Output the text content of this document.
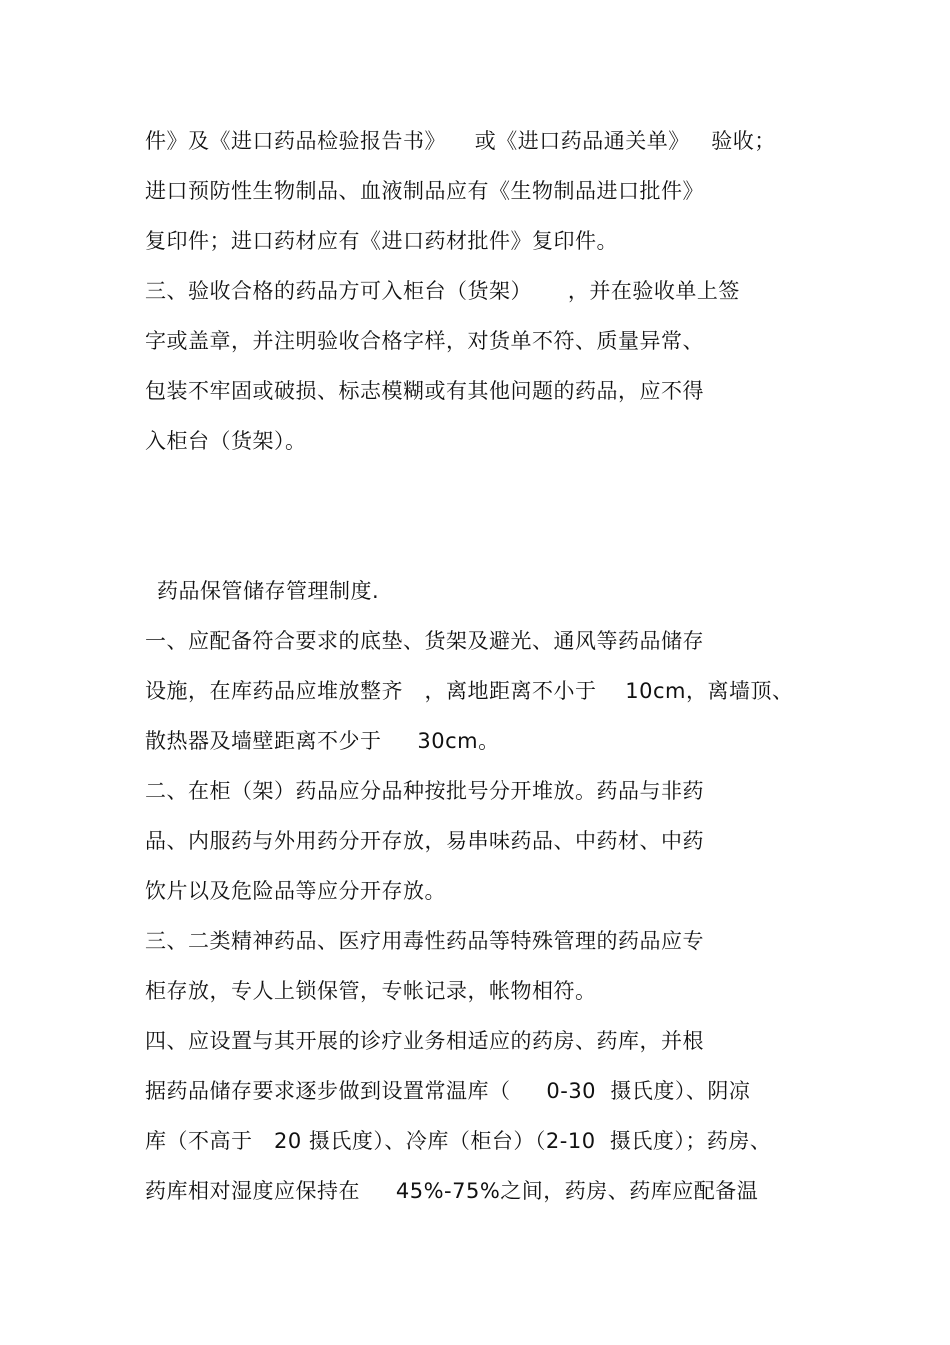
件》及《进口药品检验报告书》    或《进口药品通关单》   验收；
进口预防性生物制品、血液制品应有《生物制品进口批件》
复印件；进口药材应有《进口药材批件》复印件。
三、验收合格的药品方可入柜台（货架）     ，并在验收单上签
字或盖章，并注明验收合格字样，对货单不符、质量异常、
包装不牢固或破损、标志模糊或有其他问题的药品，应不得
入柜台（货架）。
药品保管储存管理制度.
一、应配备符合要求的底垫、货架及避光、通风等药品储存
设施，在库药品应堆放整齐   ，离地距离不小于    10cm，离墙顶、
散热器及墙壁距离不少于     30cm。
二、在柜（架）药品应分品种按批号分开堆放。药品与非药
品、内服药与外用药分开存放，易串味药品、中药材、中药
饮片以及危险品等应分开存放。
三、二类精神药品、医疗用毒性药品等特殊管理的药品应专
柜存放，专人上锁保管，专帐记录，帐物相符。
四、应设置与其开展的诊疗业务相适应的药房、药库，并根
据药品储存要求逐步做到设置常温库（     0-30  摄氏度）、阴凉
库（不高于   20 摄氏度）、冷库（柜台）（2-10  摄氏度）；药房、
药库相对湿度应保持在     45%-75%之间，药房、药库应配备温
